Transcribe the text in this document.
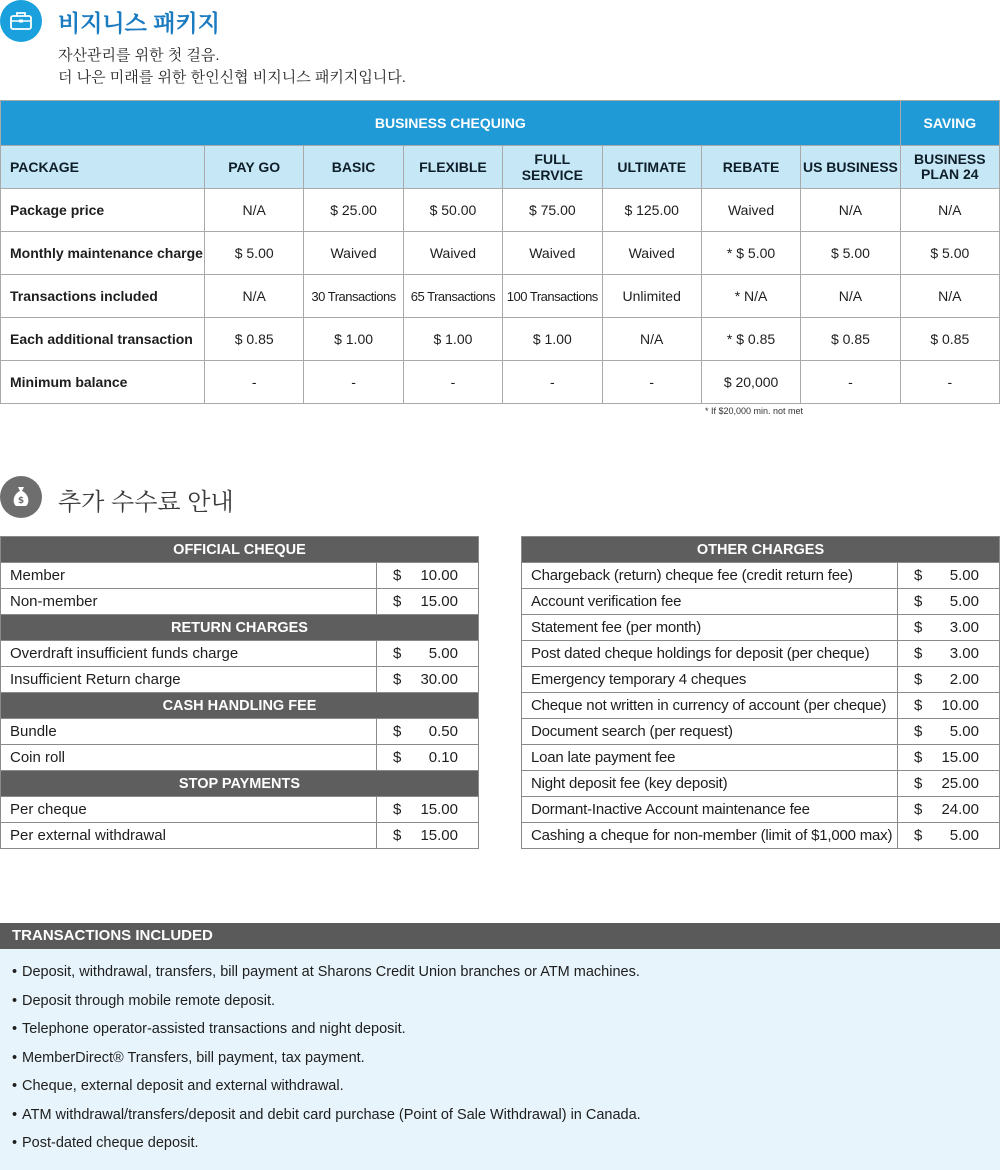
비지니스 패키지
자산관리를 위한 첫 걸음.
더 나은 미래를 위한 한인신협 비지니스 패키지입니다.
BUSINESS CHEQUING								SAVING
PACKAGE	PAY GO	BASIC	FLEXIBLE	FULL SERVICE	ULTIMATE	REBATE	US BUSINESS	BUSINESS PLAN 24
Package price	N/A	$ 25.00	$ 50.00	$ 75.00	$ 125.00	Waived	N/A	N/A
Monthly maintenance charge	$ 5.00	Waived	Waived	Waived	Waived	* $ 5.00	$ 5.00	$ 5.00
Transactions included	N/A	30 Transactions	65 Transactions	100 Transactions	Unlimited	* N/A	N/A	N/A
Each additional transaction	$ 0.85	$ 1.00	$ 1.00	$ 1.00	N/A	* $ 0.85	$ 0.85	$ 0.85
Minimum balance	-	-	-	-	-	$ 20,000	-	-
* If $20,000 min. not met
$ 추가 수수료 안내
OFFICIAL CHEQUE		
Member	$	10.00
Non-member	$	15.00
RETURN CHARGES		
Overdraft insufficient funds charge	$	5.00
Insufficient Return charge	$	30.00
CASH HANDLING FEE		
Bundle	$	0.50
Coin roll	$	0.10
STOP PAYMENTS		
Per cheque	$	15.00
Per external withdrawal	$	15.00
OTHER CHARGES		
Chargeback (return) cheque fee (credit return fee)	$	5.00
Account verification fee	$	5.00
Statement fee (per month)	$	3.00
Post dated cheque holdings for deposit (per cheque)	$	3.00
Emergency temporary 4 cheques	$	2.00
Cheque not written in currency of account (per cheque)	$	10.00
Document search (per request)	$	5.00
Loan late payment fee	$	15.00
Night deposit fee (key deposit)	$	25.00
Dormant-Inactive Account maintenance fee	$	24.00
Cashing a cheque for non-member (limit of $1,000 max)	$	5.00
TRANSACTIONS INCLUDED
• Deposit, withdrawal, transfers, bill payment at Sharons Credit Union branches or ATM machines.
• Deposit through mobile remote deposit.
• Telephone operator-assisted transactions and night deposit.
• MemberDirect® Transfers, bill payment, tax payment.
• Cheque, external deposit and external withdrawal.
• ATM withdrawal/transfers/deposit and debit card purchase (Point of Sale Withdrawal) in Canada.
• Post-dated cheque deposit.
